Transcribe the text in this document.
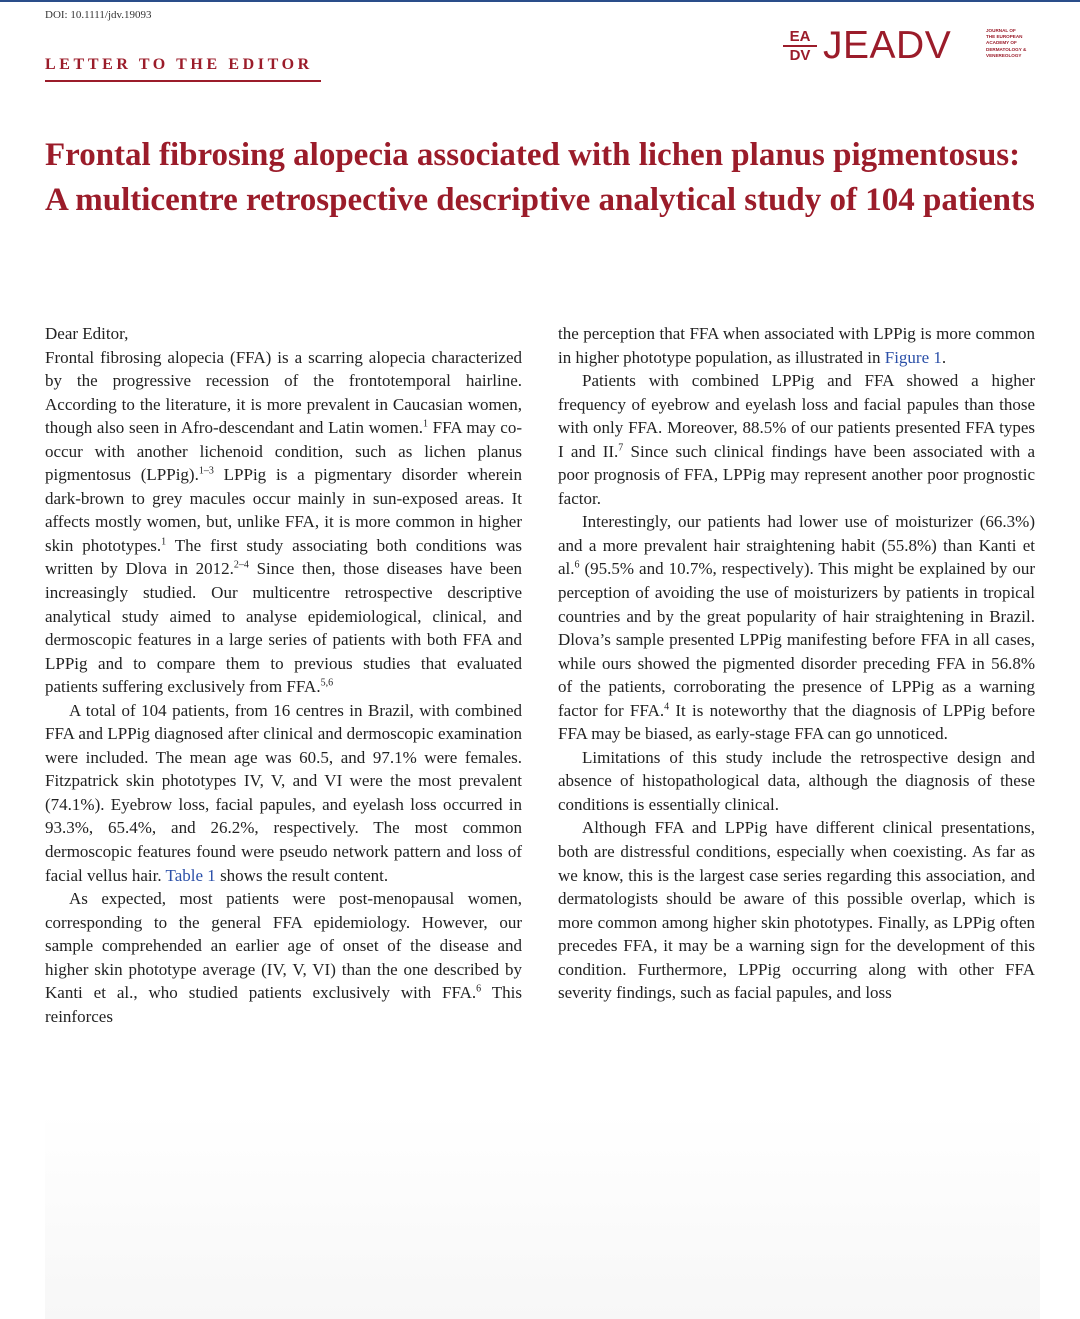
DOI: 10.1111/jdv.19093
LETTER TO THE EDITOR
EA
DV JEADV	JOURNAL OF
THE EUROPEAN
ACADEMY OF
DERMATOLOGY &
VENEREOLOGY
Frontal fibrosing alopecia associated with lichen planus pigmentosus: A multicentre retrospective descriptive analytical study of 104 patients

Dear Editor,

Frontal fibrosing alopecia (FFA) is a scarring alopecia characterized by the progressive recession of the frontotemporal hairline. According to the literature, it is more prevalent in Caucasian women, though also seen in Afro-descendant and Latin women.$^1$ FFA may co-occur with another lichenoid condition, such as lichen planus pigmentosus (LPPig).$^{1-3}$ LPPig is a pigmentary disorder wherein dark-brown to grey macules occur mainly in sun-exposed areas. It affects mostly women, but, unlike FFA, it is more common in higher skin phototypes.$^1$ The first study associating both conditions was written by Dlova in 2012.$^{2-4}$ Since then, those diseases have been increasingly studied. Our multicentre retrospective descriptive analytical study aimed to analyse epidemiological, clinical, and dermoscopic features in a large series of patients with both FFA and LPPig and to compare them to previous studies that evaluated patients suffering exclusively from FFA.$^{5,6}$

A total of 104 patients, from 16 centres in Brazil, with combined FFA and LPPig diagnosed after clinical and dermoscopic examination were included. The mean age was 60.5, and 97.1% were females. Fitzpatrick skin phototypes IV, V, and VI were the most prevalent (74.1%). Eyebrow loss, facial papules, and eyelash loss occurred in 93.3%, 65.4%, and 26.2%, respectively. The most common dermoscopic features found were pseudo network pattern and loss of facial vellus hair. Table 1 shows the result content.

As expected, most patients were post-menopausal women, corresponding to the general FFA epidemiology. However, our sample comprehended an earlier age of onset of the disease and higher skin phototype average (IV, V, VI) than the one described by Kanti et al., who studied patients exclusively with FFA.$^6$ This reinforces

the perception that FFA when associated with LPPig is more common in higher phototype population, as illustrated in Figure 1.

Patients with combined LPPig and FFA showed a higher frequency of eyebrow and eyelash loss and facial papules than those with only FFA. Moreover, 88.5% of our patients presented FFA types I and II.$^7$ Since such clinical findings have been associated with a poor prognosis of FFA, LPPig may represent another poor prognostic factor.

Interestingly, our patients had lower use of moisturizer (66.3%) and a more prevalent hair straightening habit (55.8%) than Kanti et al.$^6$ (95.5% and 10.7%, respectively). This might be explained by our perception of avoiding the use of moisturizers by patients in tropical countries and by the great popularity of hair straightening in Brazil. Dlova’s sample presented LPPig manifesting before FFA in all cases, while ours showed the pigmented disorder preceding FFA in 56.8% of the patients, corroborating the presence of LPPig as a warning factor for FFA.$^4$ It is noteworthy that the diagnosis of LPPig before FFA may be biased, as early-stage FFA can go unnoticed.

Limitations of this study include the retrospective design and absence of histopathological data, although the diagnosis of these conditions is essentially clinical.

Although FFA and LPPig have different clinical presentations, both are distressful conditions, especially when coexisting. As far as we know, this is the largest case series regarding this association, and dermatologists should be aware of this possible overlap, which is more common among higher skin phototypes. Finally, as LPPig often precedes FFA, it may be a warning sign for the development of this condition. Furthermore, LPPig occurring along with other FFA severity findings, such as facial papules, and loss
